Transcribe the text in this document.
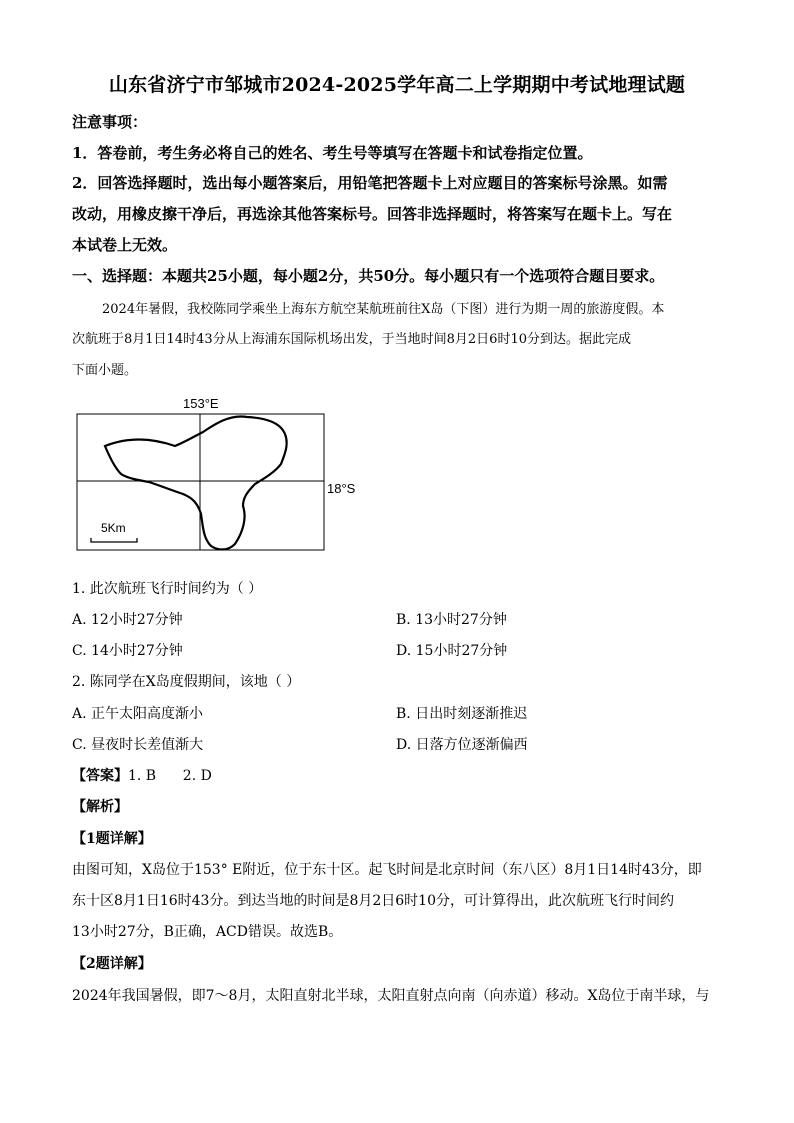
山东省济宁市邹城市2024-2025学年高二上学期期中考试地理试题
注意事项：
1．答卷前，考生务必将自己的姓名、考生号等填写在答题卡和试卷指定位置。
2．回答选择题时，选出每小题答案后，用铅笔把答题卡上对应题目的答案标号涂黑。如需
改动，用橡皮擦干净后，再选涂其他答案标号。回答非选择题时，将答案写在题卡上。写在
本试卷上无效。
一、选择题：本题共25小题，每小题2分，共50分。每小题只有一个选项符合题目要求。
2024年暑假，我校陈同学乘坐上海东方航空某航班前往X岛（下图）进行为期一周的旅游度假。本
次航班于8月1日14时43分从上海浦东国际机场出发，于当地时间8月2日6时10分到达。据此完成
下面小题。
153°E
18°S
5Km
1. 此次航班飞行时间约为（ ）
A. 12小时27分钟	B. 13小时27分钟
C. 14小时27分钟	D. 15小时27分钟
2. 陈同学在X岛度假期间，该地（ ）
A. 正午太阳高度渐小	B. 日出时刻逐渐推迟
C. 昼夜时长差值渐大	D. 日落方位逐渐偏西
【答案】1. B      2. D
【解析】
【1题详解】
由图可知，X岛位于153° E附近，位于东十区。起飞时间是北京时间（东八区）8月1日14时43分，即
东十区8月1日16时43分。到达当地的时间是8月2日6时10分，可计算得出，此次航班飞行时间约
13小时27分，B正确，ACD错误。故选B。
【2题详解】
2024年我国暑假，即7～8月，太阳直射北半球，太阳直射点向南（向赤道）移动。X岛位于南半球，与
